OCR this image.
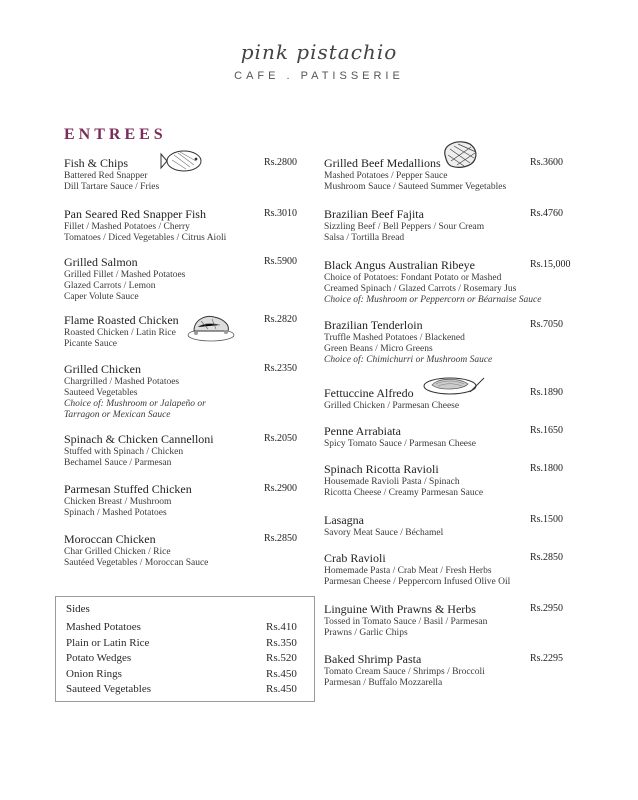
pink pistachio
CAFE . PATISSERIE
ENTREES
Fish & Chips	Rs.2800
Battered Red Snapper
Dill Tartare Sauce / Fries
Pan Seared Red Snapper Fish	Rs.3010
Fillet / Mashed Potatoes / Cherry
Tomatoes / Diced Vegetables / Citrus Aioli
Grilled Salmon	Rs.5900
Grilled Fillet / Mashed Potatoes
Glazed Carrots / Lemon
Caper Volute Sauce
Flame Roasted Chicken	Rs.2820
Roasted Chicken / Latin Rice
Picante Sauce
Grilled Chicken	Rs.2350
Chargrilled / Mashed Potatoes
Sauteed Vegetables
Choice of: Mushroom or Jalapeño or
Tarragon or Mexican Sauce
Spinach & Chicken Cannelloni	Rs.2050
Stuffed with Spinach / Chicken
Bechamel Sauce / Parmesan
Parmesan Stuffed Chicken	Rs.2900
Chicken Breast / Mushroom
Spinach / Mashed Potatoes
Moroccan Chicken	Rs.2850
Char Grilled Chicken / Rice
Sautéed Vegetables / Moroccan Sauce
Grilled Beef Medallions	Rs.3600
Mashed Potatoes / Pepper Sauce
Mushroom Sauce / Sauteed Summer Vegetables
Brazilian Beef Fajita	Rs.4760
Sizzling Beef / Bell Peppers / Sour Cream
Salsa / Tortilla Bread
Black Angus Australian Ribeye	Rs.15,000
Choice of Potatoes: Fondant Potato or Mashed
Creamed Spinach / Glazed Carrots / Rosemary Jus
Choice of: Mushroom or Peppercorn or Béarnaise Sauce
Brazilian Tenderloin	Rs.7050
Truffle Mashed Potatoes / Blackened
Green Beans / Micro Greens
Choice of: Chimichurri or Mushroom Sauce
Fettuccine Alfredo	Rs.1890
Grilled Chicken / Parmesan Cheese
Penne Arrabiata	Rs.1650
Spicy Tomato Sauce / Parmesan Cheese
Spinach Ricotta Ravioli	Rs.1800
Housemade Ravioli Pasta / Spinach
Ricotta Cheese / Creamy Parmesan Sauce
Lasagna	Rs.1500
Savory Meat Sauce / Béchamel
Crab Ravioli	Rs.2850
Homemade Pasta / Crab Meat / Fresh Herbs
Parmesan Cheese / Peppercorn Infused Olive Oil
Linguine With Prawns & Herbs	Rs.2950
Tossed in Tomato Sauce / Basil / Parmesan
Prawns / Garlic Chips
Baked Shrimp Pasta	Rs.2295
Tomato Cream Sauce / Shrimps / Broccoli
Parmesan / Buffalo Mozzarella
Sides
Mashed Potatoes	Rs.410
Plain or Latin Rice	Rs.350
Potato Wedges	Rs.520
Onion Rings	Rs.450
Sauteed Vegetables	Rs.450
